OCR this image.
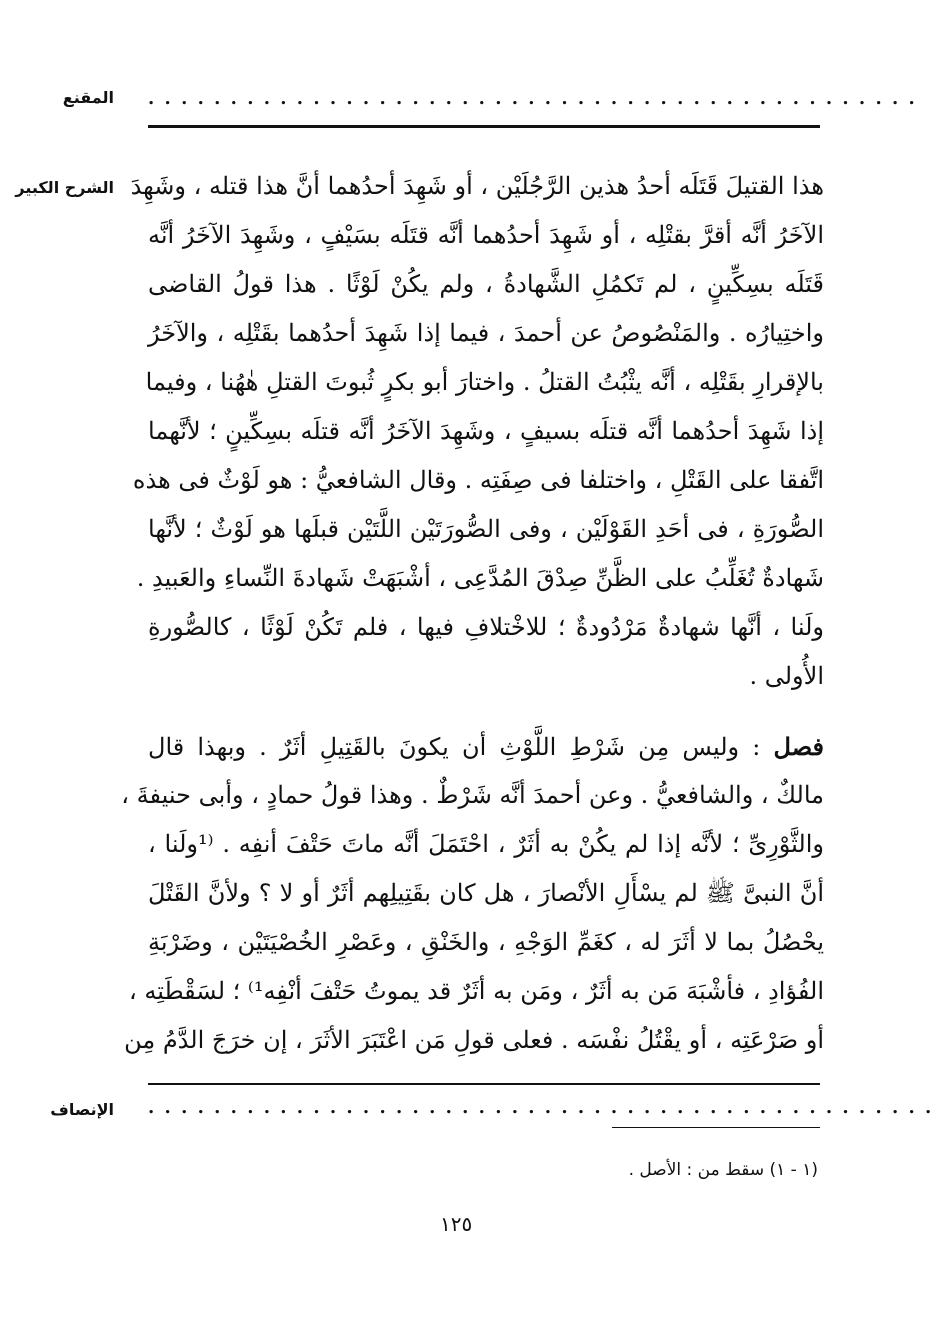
المقنع . . . . . . . . . . . . . . . . . . . . . . . . . . . . . . . . . . . . . . . . . . . . . . .
الشرح الكبير هذا القتيلَ قَتَلَه أحدُ هذين الرَّجُلَيْن ، أو شَهِدَ أحدُهما أنَّ هذا قتله ، وشَهِدَ
الآخَرُ أنَّه أقرَّ بقتْلِه ، أو شَهِدَ أحدُهما أنَّه قتَلَه بسَيْفٍ ، وشَهِدَ الآخَرُ أنَّه
قَتَلَه بسِكِّينٍ ، لم تَكمُلِ الشَّهادةُ ، ولم يكُنْ لَوْثًا . هذا قولُ القاضى
واختِيارُه . والمَنْصُوصُ عن أحمدَ ، فيما إذا شَهِدَ أحدُهما بقَتْلِه ، والآخَرُ
بالإقرارِ بقَتْلِه ، أنَّه يثْبُتُ القتلُ . واختارَ أبو بكرٍ ثُبوتَ القتلِ هٰهُنا ، وفيما
إذا شَهِدَ أحدُهما أنَّه قتلَه بسيفٍ ، وشَهِدَ الآخَرُ أنَّه قتلَه بسِكِّينٍ ؛ لأنَّهما
اتَّفقا على القَتْلِ ، واختلفا فى صِفَتِه . وقال الشافعيُّ : هو لَوْثٌ فى هذه
الصُّورَةِ ، فى أحَدِ القَوْلَيْن ، وفى الصُّورَتَيْن اللَّتَيْن قبلَها هو لَوْثٌ ؛ لأنَّها
شَهادةٌ تُغَلِّبُ على الظَّنِّ صِدْقَ المُدَّعِى ، أشْبَهَتْ شَهادةَ النِّساءِ والعَبيدِ .
ولَنا ، أنَّها شهادةٌ مَرْدُودةٌ ؛ للاخْتلافِ فيها ، فلم تَكُنْ لَوْثًا ، كالصُّورةِ
الأُولى .
فصل : وليس مِن شَرْطِ اللَّوْثِ أن يكونَ بالقَتِيلِ أثَرٌ . وبهذا قال
مالكٌ ، والشافعيُّ . وعن أحمدَ أنَّه شَرْطٌ . وهذا قولُ حمادٍ ، وأبى حنيفةَ ،
والثَّوْرِىِّ ؛ لأنَّه إذا لم يكُنْ به أثَرٌ ، احْتَمَلَ أنَّه ماتَ حَتْفَ أنفِه . ⁽¹ولَنا ،
أنَّ النبىَّ ﷺ لم يسْأَلِ الأنْصارَ ، هل كان بقَتِيلِهم أثَرٌ أو لا ؟ ولأنَّ القَتْلَ
يحْصُلُ بما لا أثَرَ له ، كغَمِّ الوَجْهِ ، والخَنْقِ ، وعَصْرِ الخُصْيَتَيْن ، وضَرْبَةِ
الفُؤادِ ، فأشْبَهَ مَن به أثَرٌ ، ومَن به أثَرٌ قد يموتُ حَتْفَ أنْفِه¹⁾ ؛ لسَقْطَتِه ،
أو صَرْعَتِه ، أو يقْتُلُ نفْسَه . فعلى قولِ مَن اعْتَبَرَ الأثَرَ ، إن خرَجَ الدَّمُ مِن
الإنصاف . . . . . . . . . . . . . . . . . . . . . . . . . . . . . . . . . . . . . . . . . . . . . . . .
(١ - ١) سقط من : الأصل .
١٢٥
